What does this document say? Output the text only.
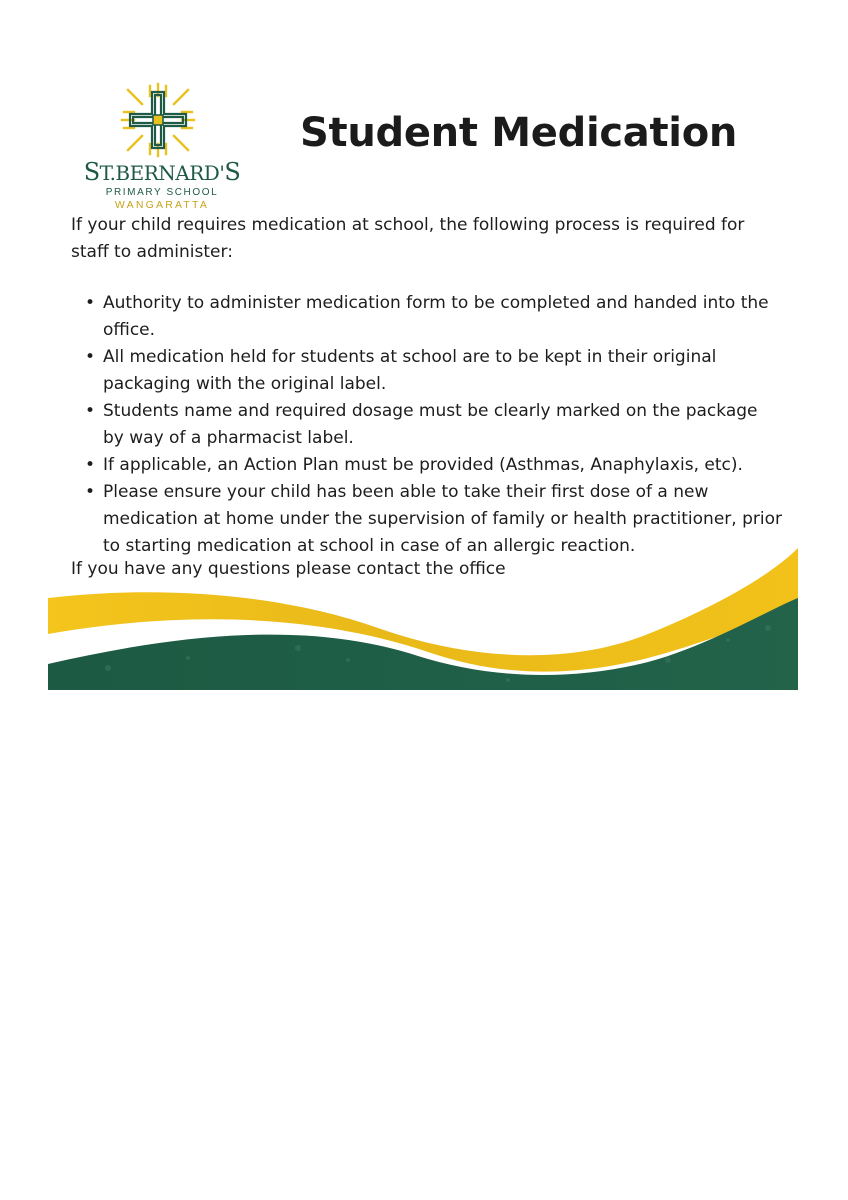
ST.BERNARD'S
PRIMARY SCHOOL
WANGARATTA
Student Medication

If your child requires medication at school, the following process is required for staff to administer:

• Authority to administer medication form to be completed and handed into the office.
• All medication held for students at school are to be kept in their original packaging with the original label.
• Students name and required dosage must be clearly marked on the package by way of a pharmacist label.
• If applicable, an Action Plan must be provided (Asthmas, Anaphylaxis, etc).
• Please ensure your child has been able to take their first dose of a new medication at home under the supervision of family or health practitioner, prior to starting medication at school in case of an allergic reaction.

If you have any questions please contact the office
